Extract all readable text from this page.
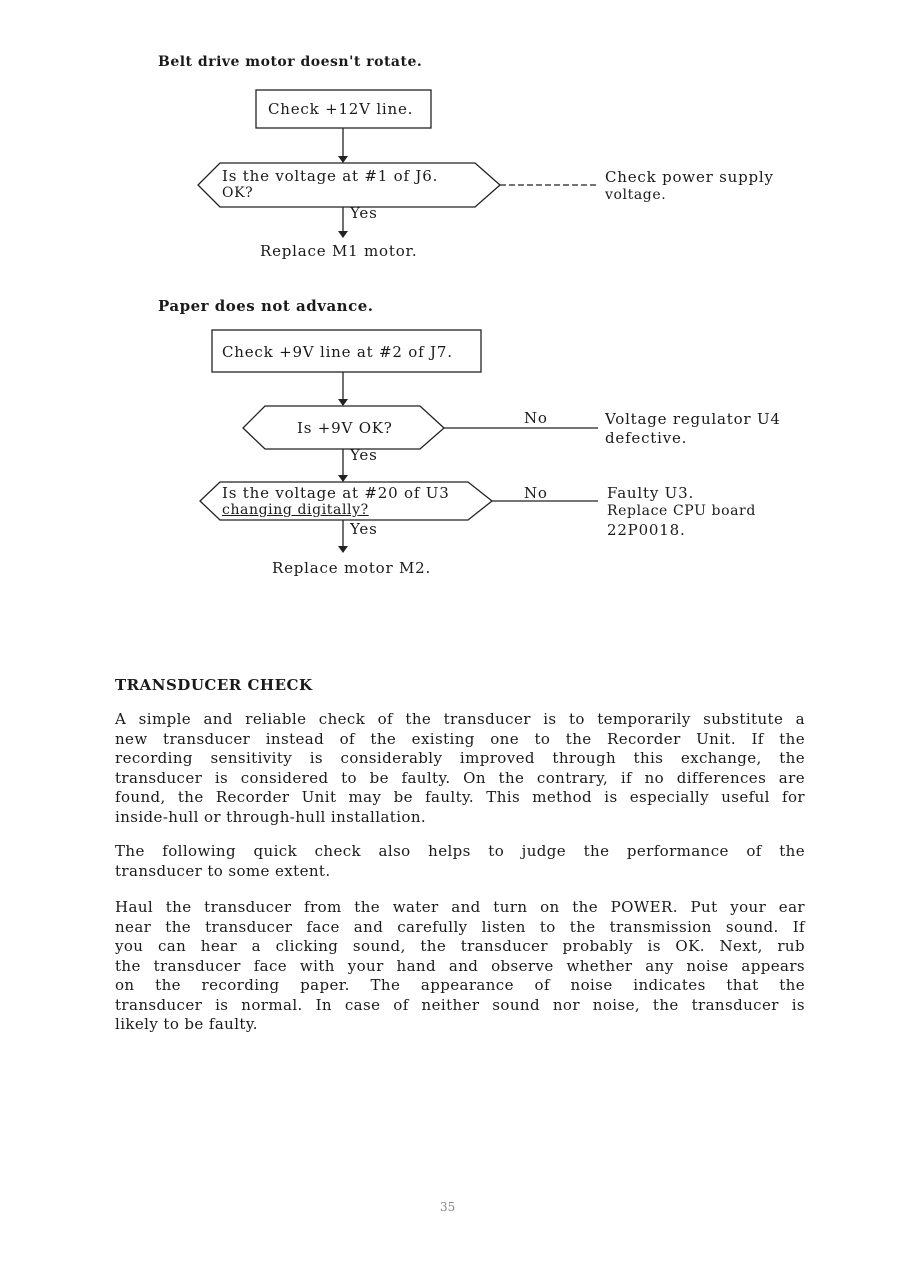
Belt drive motor doesn't rotate.
Check +12V line.
Is the voltage at #1 of J6.
OK?
Yes
Check power supply
voltage.
Replace M1 motor.
Paper does not advance.
Check +9V line at #2 of J7.
Is +9V OK?
No
Yes
Voltage regulator U4
defective.
Is the voltage at #20 of U3
changing digitally?
No
Yes
Faulty U3.
Replace CPU board
22P0018.
Replace motor M2.
TRANSDUCER CHECK
A simple and reliable check of the transducer is to temporarily substitute a
new transducer instead of the existing one to the Recorder Unit. If the
recording sensitivity is considerably improved through this exchange, the
transducer is considered to be faulty. On the contrary, if no differences are
found, the Recorder Unit may be faulty. This method is especially useful for
inside-hull or through-hull installation.
The following quick check also helps to judge the performance of the
transducer to some extent.
Haul the transducer from the water and turn on the POWER. Put your ear
near the transducer face and carefully listen to the transmission sound. If
you can hear a clicking sound, the transducer probably is OK. Next, rub
the transducer face with your hand and observe whether any noise appears
on the recording paper. The appearance of noise indicates that the
transducer is normal. In case of neither sound nor noise, the transducer is
likely to be faulty.
35
